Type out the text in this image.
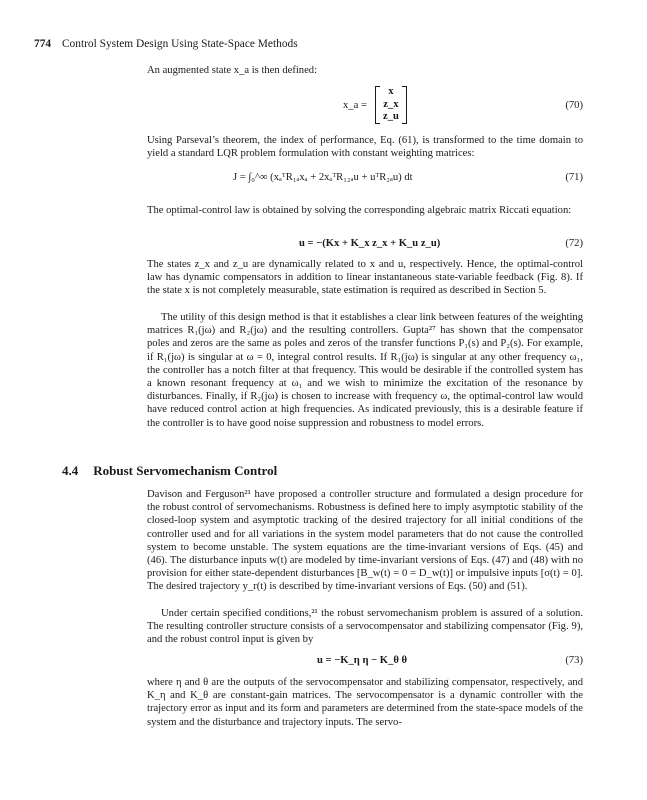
774 Control System Design Using State-Space Methods
An augmented state x_a is then defined:
x_a =
x
z_x
z_u
(70)
Using Parseval’s theorem, the index of performance, Eq. (61), is transformed to the time domain to yield a standard LQR problem formulation with constant weighting matrices:
J = ∫₀^∞ (xₐᵀR₁ₐxₐ + 2xₐᵀR₁₂ₐu + uᵀR₂ₐu) dt	(71)
The optimal-control law is obtained by solving the corresponding algebraic matrix Riccati equation:
u = −(Kx + K_x z_x + K_u z_u)	(72)
The states z_x and z_u are dynamically related to x and u, respectively. Hence, the optimal-control law has dynamic compensators in addition to linear instantaneous state-variable feedback (Fig. 8). If the state x is not completely measurable, state estimation is required as described in Section 5.
The utility of this design method is that it establishes a clear link between features of the weighting matrices R₁(jω) and R₂(jω) and the resulting controllers. Gupta²⁷ has shown that the compensator poles and zeros are the same as poles and zeros of the transfer functions P₁(s) and P₂(s). For example, if R₁(jω) is singular at ω = 0, integral control results. If R₁(jω) is singular at any other frequency ω₁, the controller has a notch filter at that frequency. This would be desirable if the controlled system has a known resonant frequency at ω₁ and we wish to minimize the excitation of the resonance by disturbances. Finally, if R₂(jω) is chosen to increase with frequency ω, the optimal-control law would have reduced control action at high frequencies. As indicated previously, this is a desirable feature if the controller is to have good noise suppression and robustness to model errors.
4.4 Robust Servomechanism Control
Davison and Ferguson²¹ have proposed a controller structure and formulated a design procedure for the robust control of servomechanisms. Robustness is defined here to imply asymptotic stability of the closed-loop system and asymptotic tracking of the desired trajectory for all initial conditions of the controller used and for all variations in the system model parameters that do not cause the controlled system to become unstable. The system equations are the time-invariant versions of Eqs. (45) and (46). The disturbance inputs w(t) are modeled by time-invariant versions of Eqs. (47) and (48) with no provision for either state-dependent disturbances [B_w(t) = 0 = D_w(t)] or impulsive inputs [σ(t) = 0]. The desired trajectory y_r(t) is described by time-invariant versions of Eqs. (50) and (51).
Under certain specified conditions,²¹ the robust servomechanism problem is assured of a solution. The resulting controller structure consists of a servocompensator and stabilizing compensator (Fig. 9), and the robust control input is given by
u = −K_η η − K_θ θ	(73)
where η and θ are the outputs of the servocompensator and stabilizing compensator, respectively, and K_η and K_θ are constant-gain matrices. The servocompensator is a dynamic controller with the trajectory error as input and its form and parameters are determined from the state-space models of the system and the disturbance and trajectory inputs. The servo-
